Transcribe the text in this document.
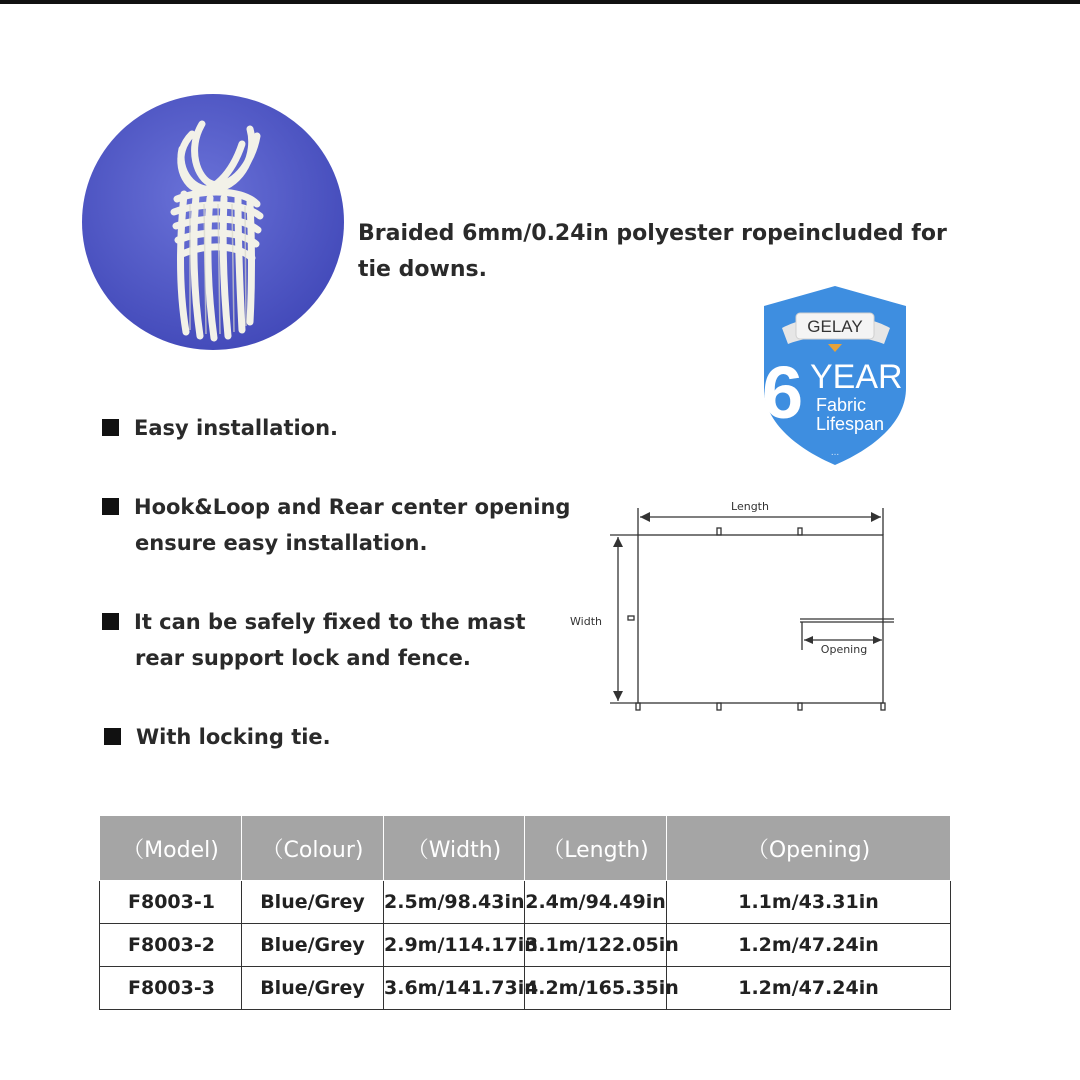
Braided 6mm/0.24in polyester ropeincluded for tie downs.
GELAY
6 YEAR
Fabric
Lifespan
...
Easy installation.
Hook&Loop and Rear center opening
ensure easy installation.
It can be safely fixed to the mast
rear support lock and fence.
With locking tie.
Length
Width
Opening
（Model)	（Colour)	（Width)	（Length)	（Opening)
F8003-1	Blue/Grey	2.5m/98.43in	2.4m/94.49in	1.1m/43.31in
F8003-2	Blue/Grey	2.9m/114.17in	3.1m/122.05in	1.2m/47.24in
F8003-3	Blue/Grey	3.6m/141.73in	4.2m/165.35in	1.2m/47.24in
